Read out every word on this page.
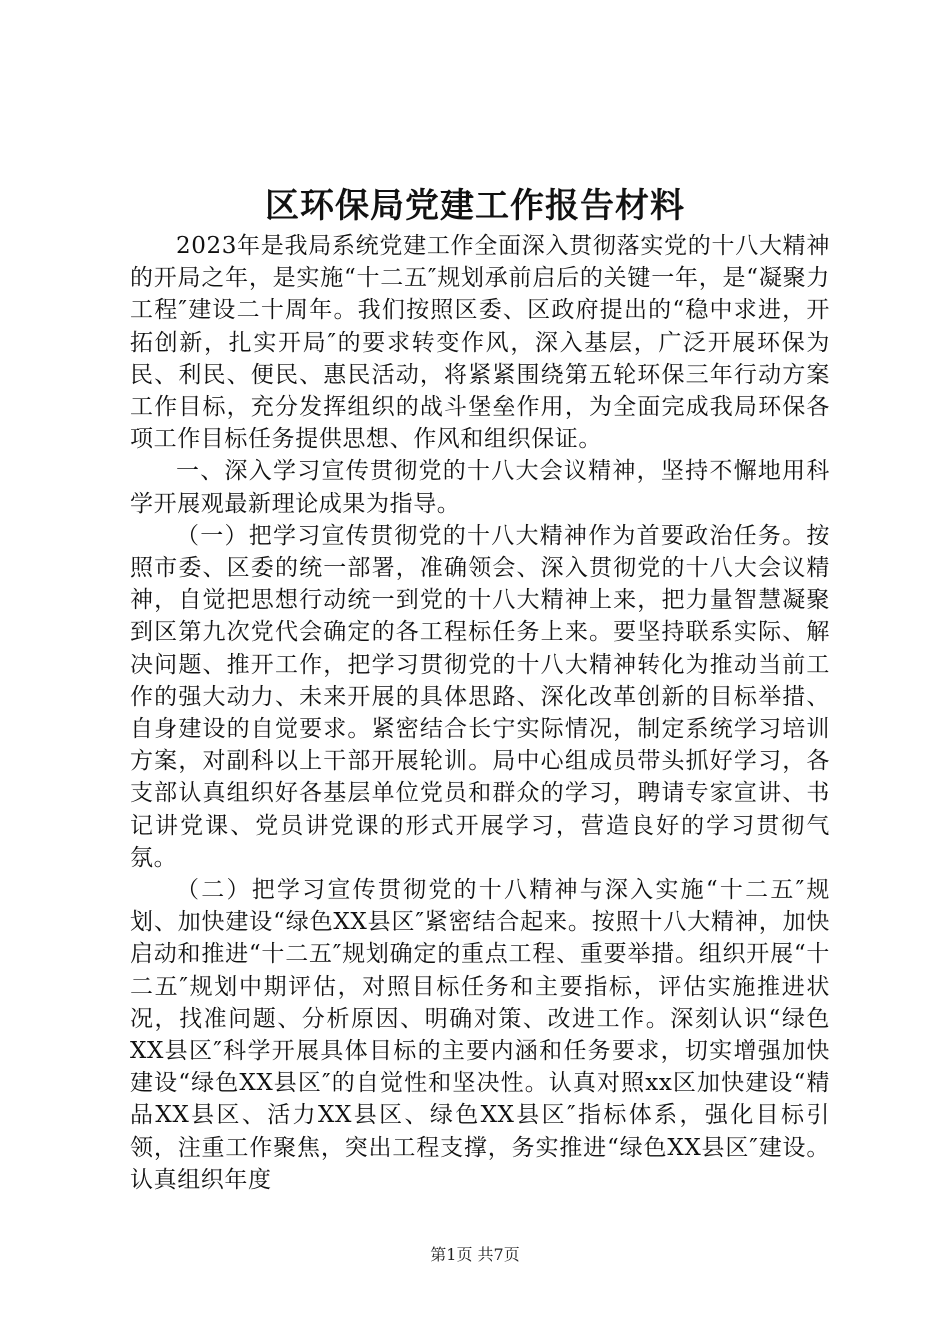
区环保局党建工作报告材料

2023年是我局系统党建工作全面深入贯彻落实党的十八大精神的开局之年，是实施“十二五″规划承前启后的关键一年，是“凝聚力工程″建设二十周年。我们按照区委、区政府提出的“稳中求进，开拓创新，扎实开局″的要求转变作风，深入基层，广泛开展环保为民、利民、便民、惠民活动，将紧紧围绕第五轮环保三年行动方案工作目标，充分发挥组织的战斗堡垒作用，为全面完成我局环保各项工作目标任务提供思想、作风和组织保证。

一、深入学习宣传贯彻党的十八大会议精神，坚持不懈地用科学开展观最新理论成果为指导。

（一）把学习宣传贯彻党的十八大精神作为首要政治任务。按照市委、区委的统一部署，准确领会、深入贯彻党的十八大会议精神，自觉把思想行动统一到党的十八大精神上来，把力量智慧凝聚到区第九次党代会确定的各工程标任务上来。要坚持联系实际、解决问题、推开工作，把学习贯彻党的十八大精神转化为推动当前工作的强大动力、未来开展的具体思路、深化改革创新的目标举措、自身建设的自觉要求。紧密结合长宁实际情况，制定系统学习培训方案，对副科以上干部开展轮训。局中心组成员带头抓好学习，各支部认真组织好各基层单位党员和群众的学习，聘请专家宣讲、书记讲党课、党员讲党课的形式开展学习，营造良好的学习贯彻气氛。

（二）把学习宣传贯彻党的十八精神与深入实施“十二五″规划、加快建设“绿色XX县区″紧密结合起来。按照十八大精神，加快启动和推进“十二五″规划确定的重点工程、重要举措。组织开展“十二五″规划中期评估，对照目标任务和主要指标，评估实施推进状况，找准问题、分析原因、明确对策、改进工作。深刻认识“绿色XX县区″科学开展具体目标的主要内涵和任务要求，切实增强加快建设“绿色XX县区″的自觉性和坚决性。认真对照xx区加快建设“精品XX县区、活力XX县区、绿色XX县区″指标体系，强化目标引领，注重工作聚焦，突出工程支撑，务实推进“绿色XX县区″建设。认真组织年度

第1页 共7页
